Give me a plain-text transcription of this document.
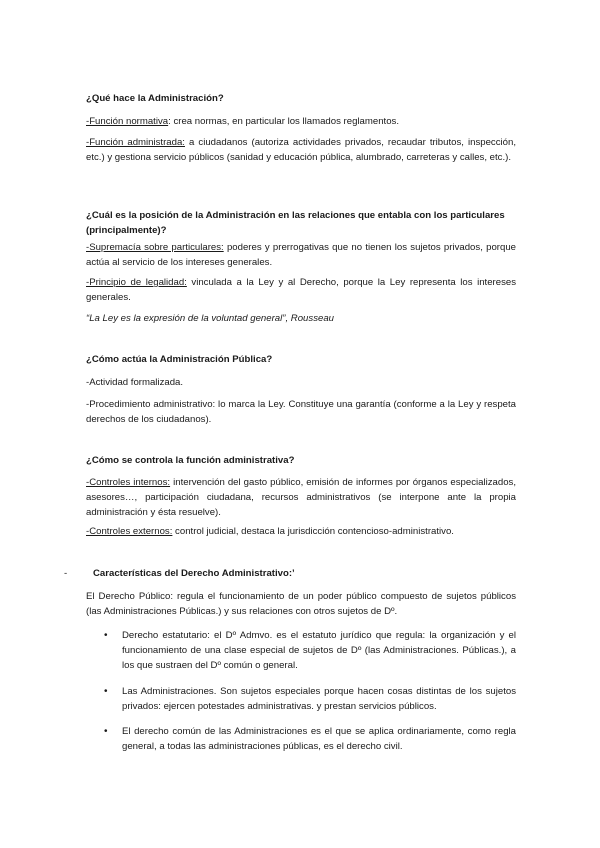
¿Qué hace la Administración?

-Función normativa: crea normas, en particular los llamados reglamentos.

-Función administrada: a ciudadanos (autoriza actividades privados, recaudar tributos, inspección, etc.) y gestiona servicio públicos (sanidad y educación pública, alumbrado, carreteras y calles, etc.).

¿Cuál es la posición de la Administración en las relaciones que entabla con los particulares (principalmente)?

-Supremacía sobre particulares: poderes y prerrogativas que no tienen los sujetos privados, porque actúa al servicio de los intereses generales.

-Principio de legalidad: vinculada a la Ley y al Derecho, porque la Ley representa los intereses generales.

“La Ley es la expresión de la voluntad general”, Rousseau

¿Cómo actúa la Administración Pública?

-Actividad formalizada.

-Procedimiento administrativo: lo marca la Ley. Constituye una garantía (conforme a la Ley y respeta derechos de los ciudadanos).

¿Cómo se controla la función administrativa?

-Controles internos: intervención del gasto público, emisión de informes por órganos especializados, asesores…, participación ciudadana, recursos administrativos (se interpone ante la propia administración y ésta resuelve).

-Controles externos: control judicial, destaca la jurisdicción contencioso-administrativo.

-	Características del Derecho Administrativo:’

El Derecho Público: regula el funcionamiento de un poder público compuesto de sujetos públicos (las Administraciones Públicas.) y sus relaciones con otros sujetos de Dº.

• Derecho estatutario: el Dº Admvo. es el estatuto jurídico que regula: la organización y el funcionamiento de una clase especial de sujetos de Dº (las Administraciones. Públicas.), a los que sustraen del Dº común o general.

• Las Administraciones. Son sujetos especiales porque hacen cosas distintas de los sujetos privados: ejercen potestades administrativas. y prestan servicios públicos.

• El derecho común de las Administraciones es el que se aplica ordinariamente, como regla general, a todas las administraciones públicas, es el derecho civil.
